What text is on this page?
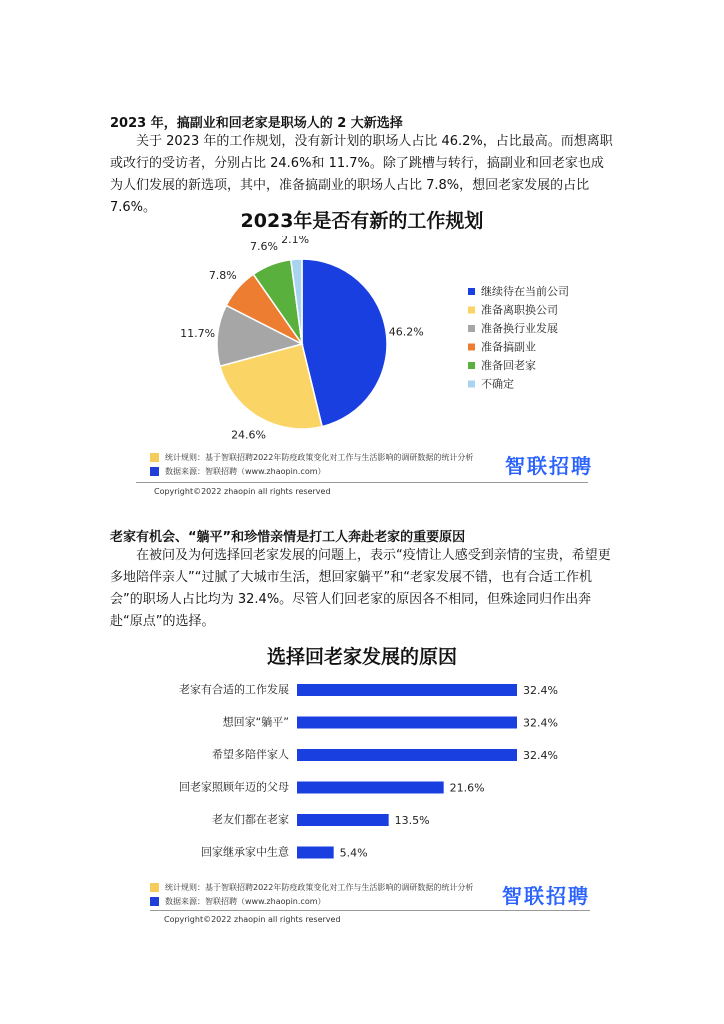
2023 年，搞副业和回老家是职场人的 2 大新选择
关于 2023 年的工作规划，没有新计划的职场人占比 46.2%，占比最高。而想离职或改行的受访者，分别占比 24.6%和 11.7%。除了跳槽与转行，搞副业和回老家也成为人们发展的新选项，其中，准备搞副业的职场人占比 7.8%，想回老家发展的占比 7.6%。
2023年是否有新的工作规划
46.2%
24.6%
11.7%
7.8%
7.6%
2.1%
继续待在当前公司
准备离职换公司
准备换行业发展
准备搞副业
准备回老家
不确定
统计规则：基于智联招聘2022年防疫政策变化对工作与生活影响的调研数据的统计分析
数据来源：智联招聘（www.zhaopin.com）	智联招聘
Copyright©2022 zhaopin all rights reserved
老家有机会、“躺平”和珍惜亲情是打工人奔赴老家的重要原因
在被问及为何选择回老家发展的问题上，表示“疫情让人感受到亲情的宝贵，希望更多地陪伴亲人”“过腻了大城市生活，想回家躺平”和“老家发展不错，也有合适工作机会”的职场人占比均为 32.4%。尽管人们回老家的原因各不相同，但殊途同归作出奔赴“原点”的选择。
选择回老家发展的原因
老家有合适的工作发展	32.4%
想回家“躺平”	32.4%
希望多陪伴家人	32.4%
回老家照顾年迈的父母	21.6%
老友们都在老家	13.5%
回家继承家中生意	5.4%
统计规则：基于智联招聘2022年防疫政策变化对工作与生活影响的调研数据的统计分析
数据来源：智联招聘（www.zhaopin.com）	智联招聘
Copyright©2022 zhaopin all rights reserved
